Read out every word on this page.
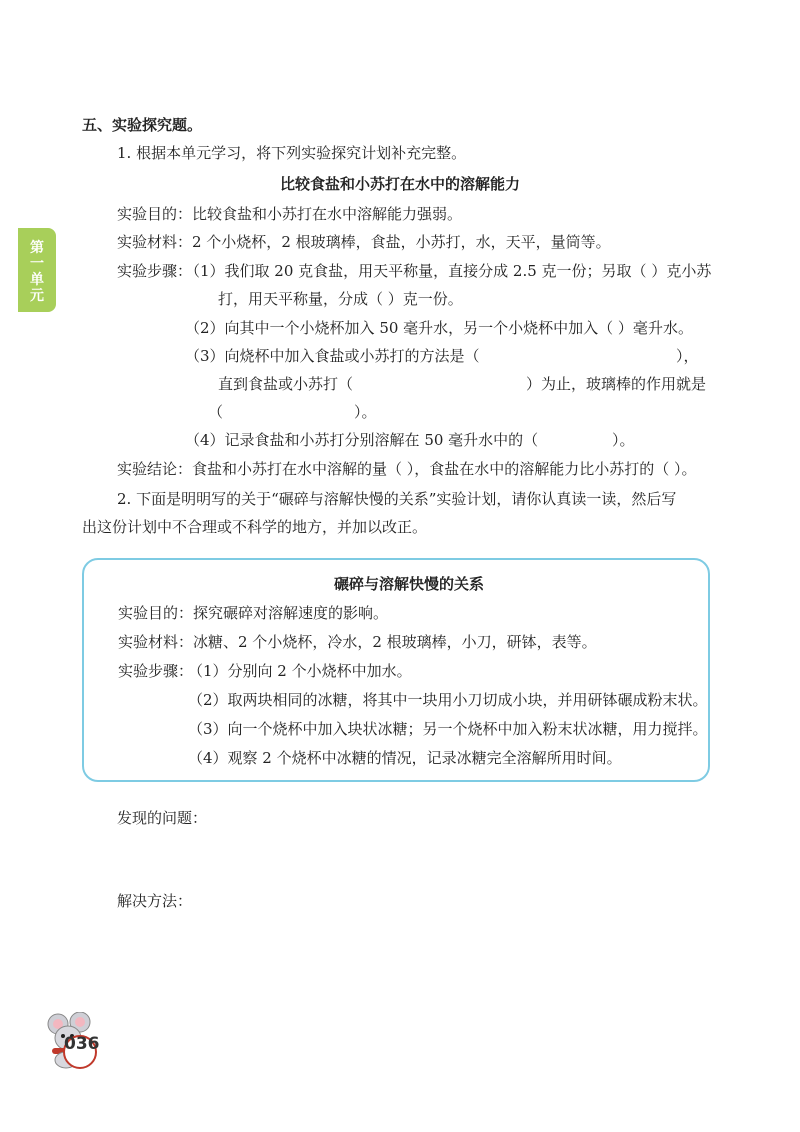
第一单元
五、实验探究题。
1. 根据本单元学习，将下列实验探究计划补充完整。
比较食盐和小苏打在水中的溶解能力
实验目的：比较食盐和小苏打在水中溶解能力强弱。
实验材料：2 个小烧杯，2 根玻璃棒，食盐，小苏打，水，天平，量筒等。
实验步骤：
（1）我们取 20 克食盐，用天平称量，直接分成 2.5 克一份；另取（ ）克小苏
打，用天平称量，分成（ ）克一份。
（2）向其中一个小烧杯加入 50 毫升水，另一个小烧杯中加入（ ）毫升水。
（3）向烧杯中加入食盐或小苏打的方法是（	），
直到食盐或小苏打（	）为止，玻璃棒的作用就是
（	）。
（4）记录食盐和小苏打分别溶解在 50 毫升水中的（	）。
实验结论：食盐和小苏打在水中溶解的量（ ），食盐在水中的溶解能力比小苏打的（ ）。
2. 下面是明明写的关于“碾碎与溶解快慢的关系”实验计划，请你认真读一读，然后写
出这份计划中不合理或不科学的地方，并加以改正。
碾碎与溶解快慢的关系
实验目的：探究碾碎对溶解速度的影响。
实验材料：冰糖、2 个小烧杯，冷水，2 根玻璃棒，小刀，研钵，表等。
实验步骤：
（1）分别向 2 个小烧杯中加水。
（2）取两块相同的冰糖，将其中一块用小刀切成小块，并用研钵碾成粉末状。
（3）向一个烧杯中加入块状冰糖；另一个烧杯中加入粉末状冰糖，用力搅拌。
（4）观察 2 个烧杯中冰糖的情况，记录冰糖完全溶解所用时间。
发现的问题：
解决方法：
036
